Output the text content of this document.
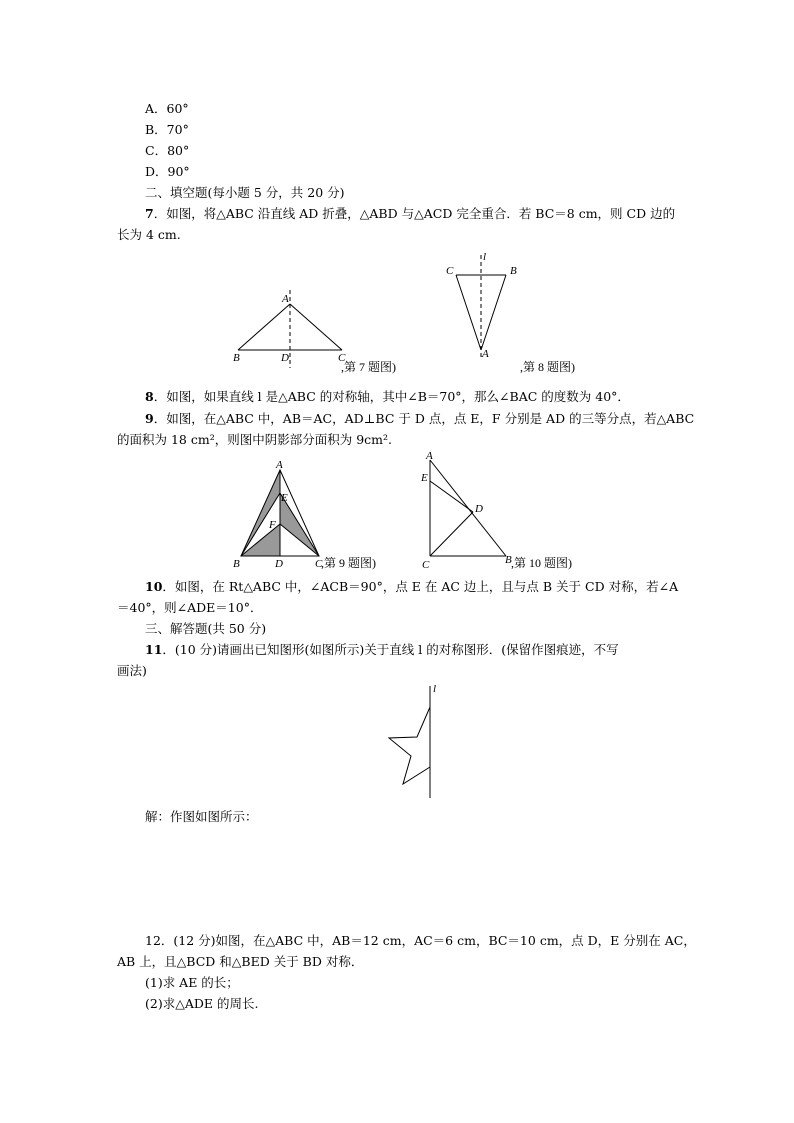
A．60°
B．70°
C．80°
D．90°
二、填空题(每小题 5 分，共 20 分)
7．如图，将△ABC 沿直线 AD 折叠，△ABD 与△ACD 完全重合．若 BC＝8 cm，则 CD 边的
长为 4 cm.
A
B	C
D
,第 7 题图)
l
C	B
A
,第 8 题图)
8．如图，如果直线 l 是△ABC 的对称轴，其中∠B＝70°，那么∠BAC 的度数为 40°．
9．如图，在△ABC 中，AB＝AC，AD⊥BC 于 D 点，点 E，F 分别是 AD 的三等分点，若△ABC
的面积为 18 cm²，则图中阴影部分面积为 9cm².
A
E
F
B	D	C
,第 9 题图)
A
E
D
C	B ,第 10 题图)
10．如图，在 Rt△ABC 中，∠ACB＝90°，点 E 在 AC 边上，且与点 B 关于 CD 对称，若∠A
＝40°，则∠ADE＝10°．
三、解答题(共 50 分)
11．(10 分)请画出已知图形(如图所示)关于直线 l 的对称图形．(保留作图痕迹，不写
画法)
l
解：作图如图所示：
12．(12 分)如图，在△ABC 中，AB＝12 cm，AC＝6 cm，BC＝10 cm，点 D，E 分别在 AC，
AB 上，且△BCD 和△BED 关于 BD 对称．
(1)求 AE 的长；
(2)求△ADE 的周长.
